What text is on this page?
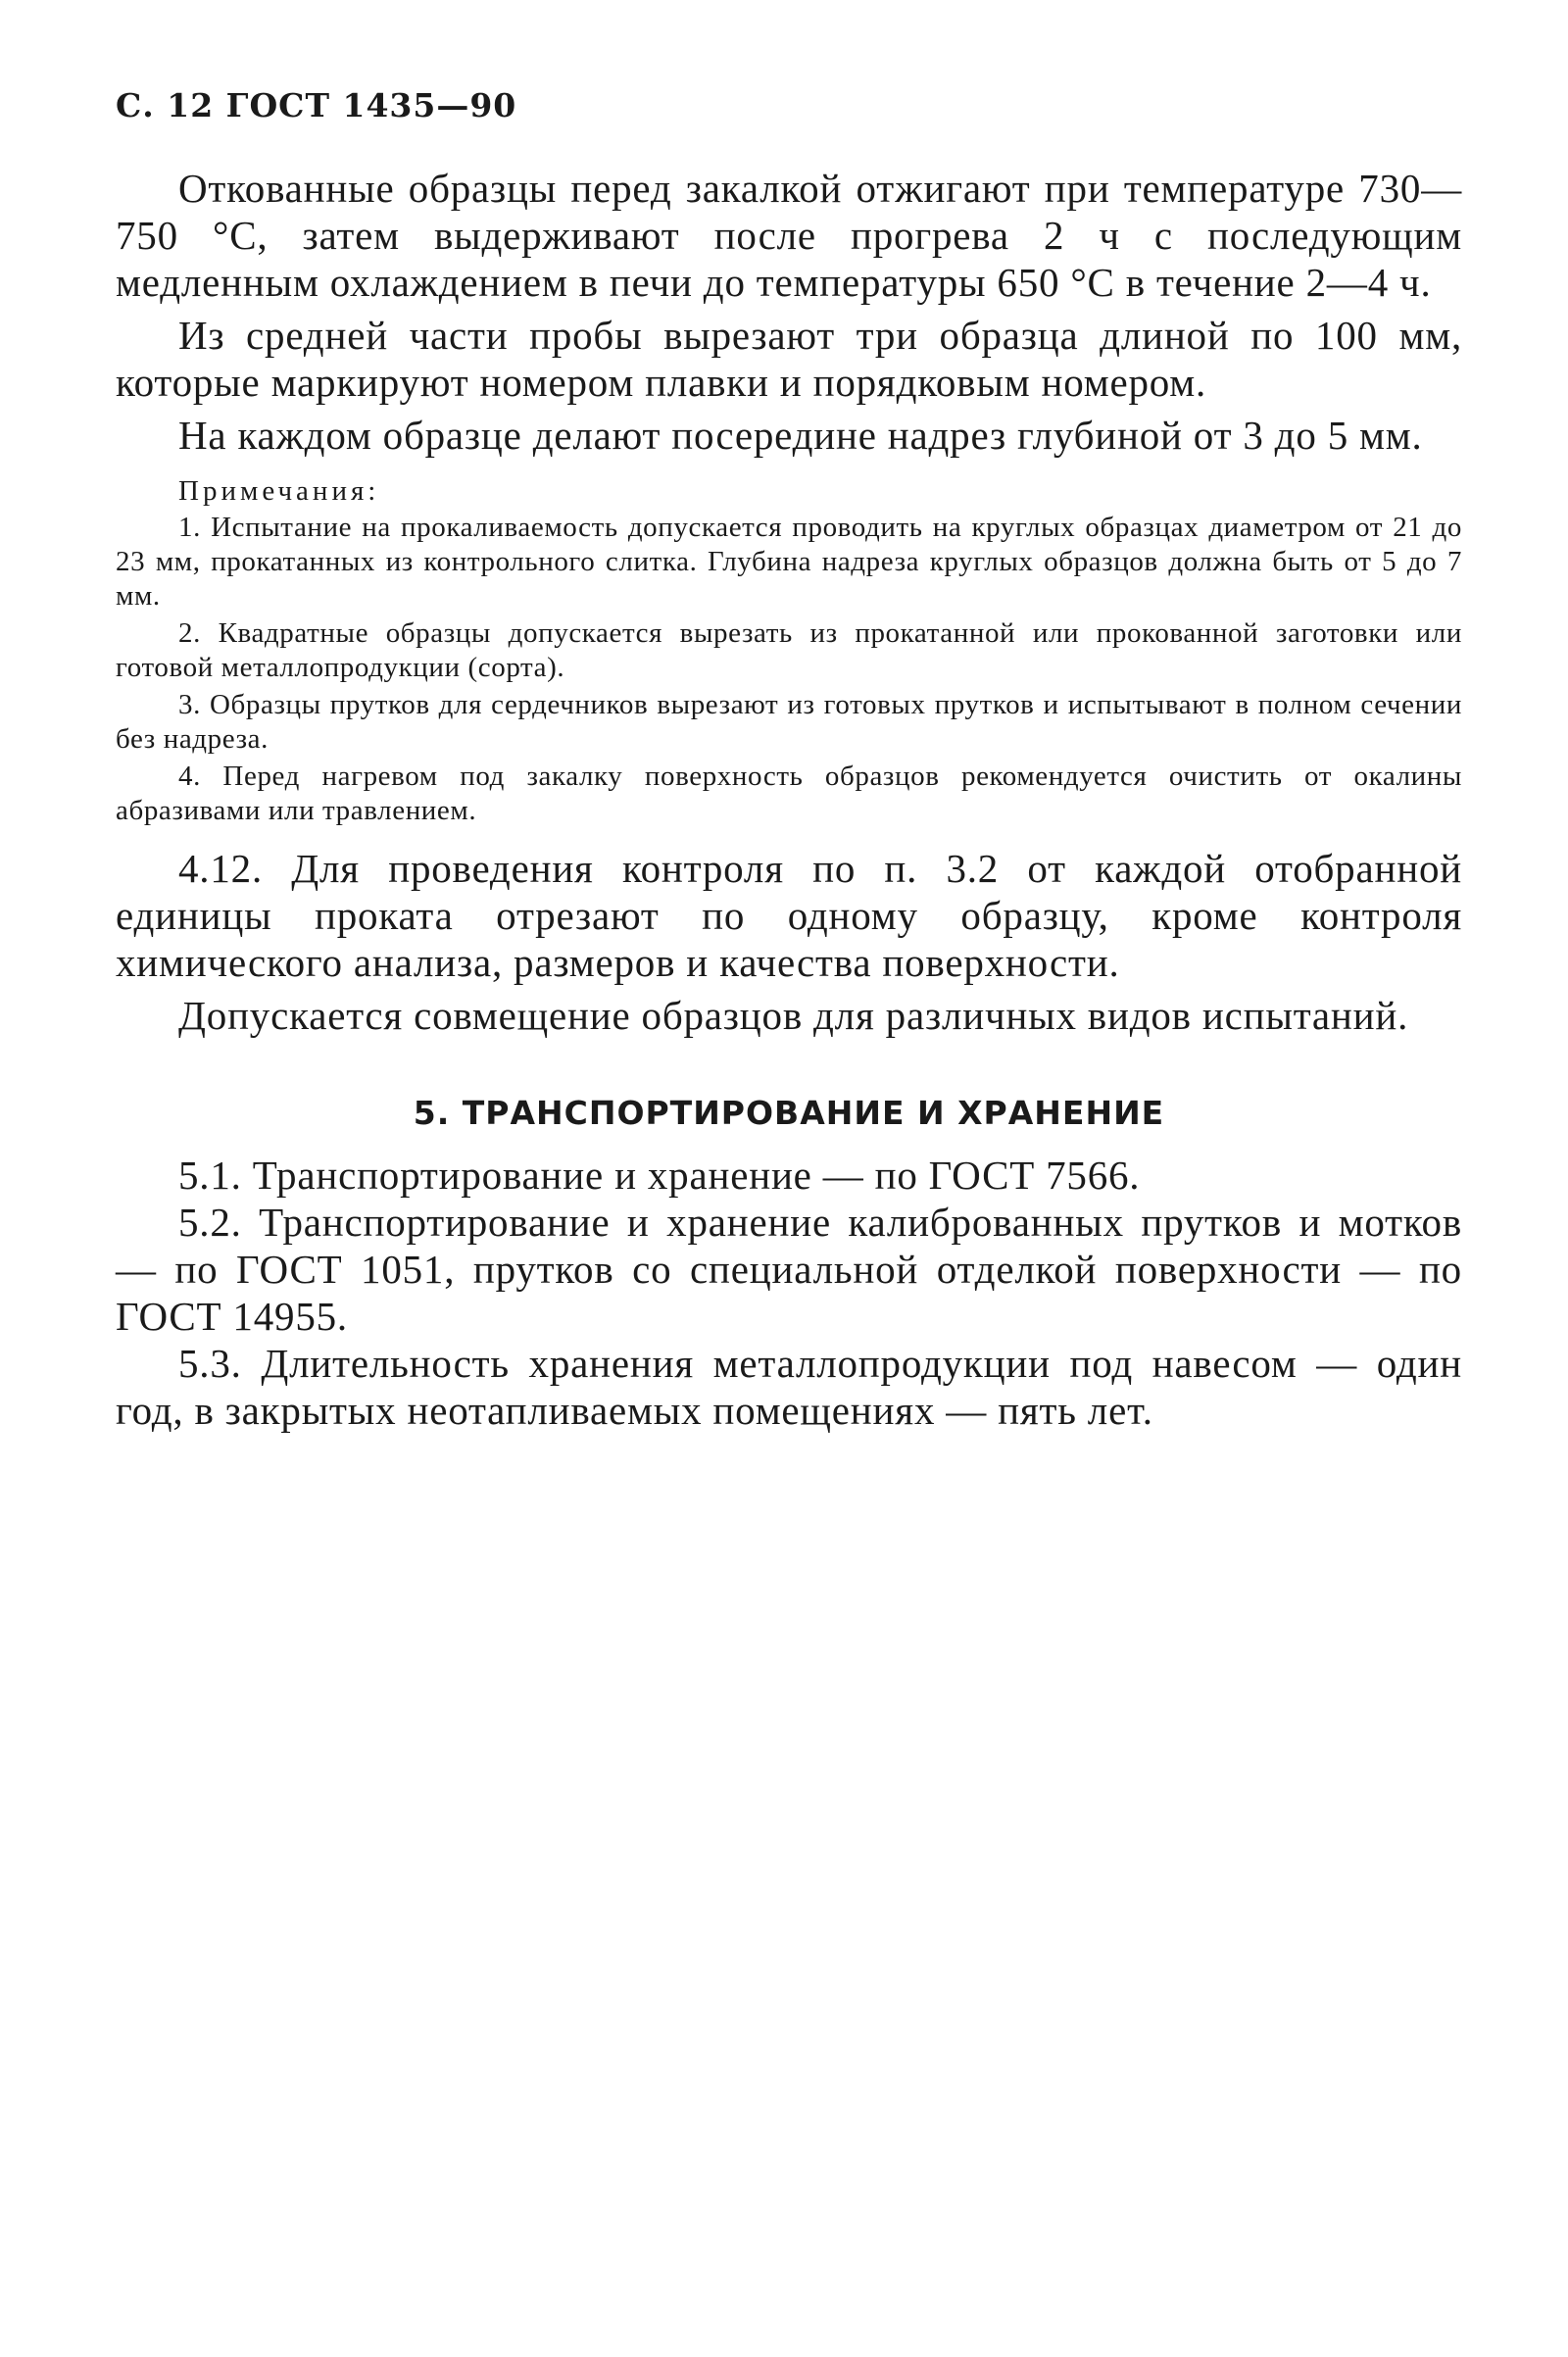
С. 12 ГОСТ 1435—90

Откованные образцы перед закалкой отжигают при температуре 730—750 °С, затем выдерживают после прогрева 2 ч с последующим медленным охлаждением в печи до температуры 650 °С в течение 2—4 ч.

Из средней части пробы вырезают три образца длиной по 100 мм, которые маркируют номером плавки и порядковым номером.

На каждом образце делают посередине надрез глубиной от 3 до 5 мм.

Примечания:

1. Испытание на прокаливаемость допускается проводить на круглых образцах диаметром от 21 до 23 мм, прокатанных из контрольного слитка. Глубина надреза круглых образцов должна быть от 5 до 7 мм.

2. Квадратные образцы допускается вырезать из прокатанной или прокованной заготовки или готовой металлопродукции (сорта).

3. Образцы прутков для сердечников вырезают из готовых прутков и испытывают в полном сечении без надреза.

4. Перед нагревом под закалку поверхность образцов рекомендуется очистить от окалины абразивами или травлением.

4.12. Для проведения контроля по п. 3.2 от каждой отобранной единицы проката отрезают по одному образцу, кроме контроля химического анализа, размеров и качества поверхности.

Допускается совмещение образцов для различных видов испытаний.

5. ТРАНСПОРТИРОВАНИЕ И ХРАНЕНИЕ

5.1. Транспортирование и хранение — по ГОСТ 7566.

5.2. Транспортирование и хранение калиброванных прутков и мотков — по ГОСТ 1051, прутков со специальной отделкой поверхности — по ГОСТ 14955.

5.3. Длительность хранения металлопродукции под навесом — один год, в закрытых неотапливаемых помещениях — пять лет.
